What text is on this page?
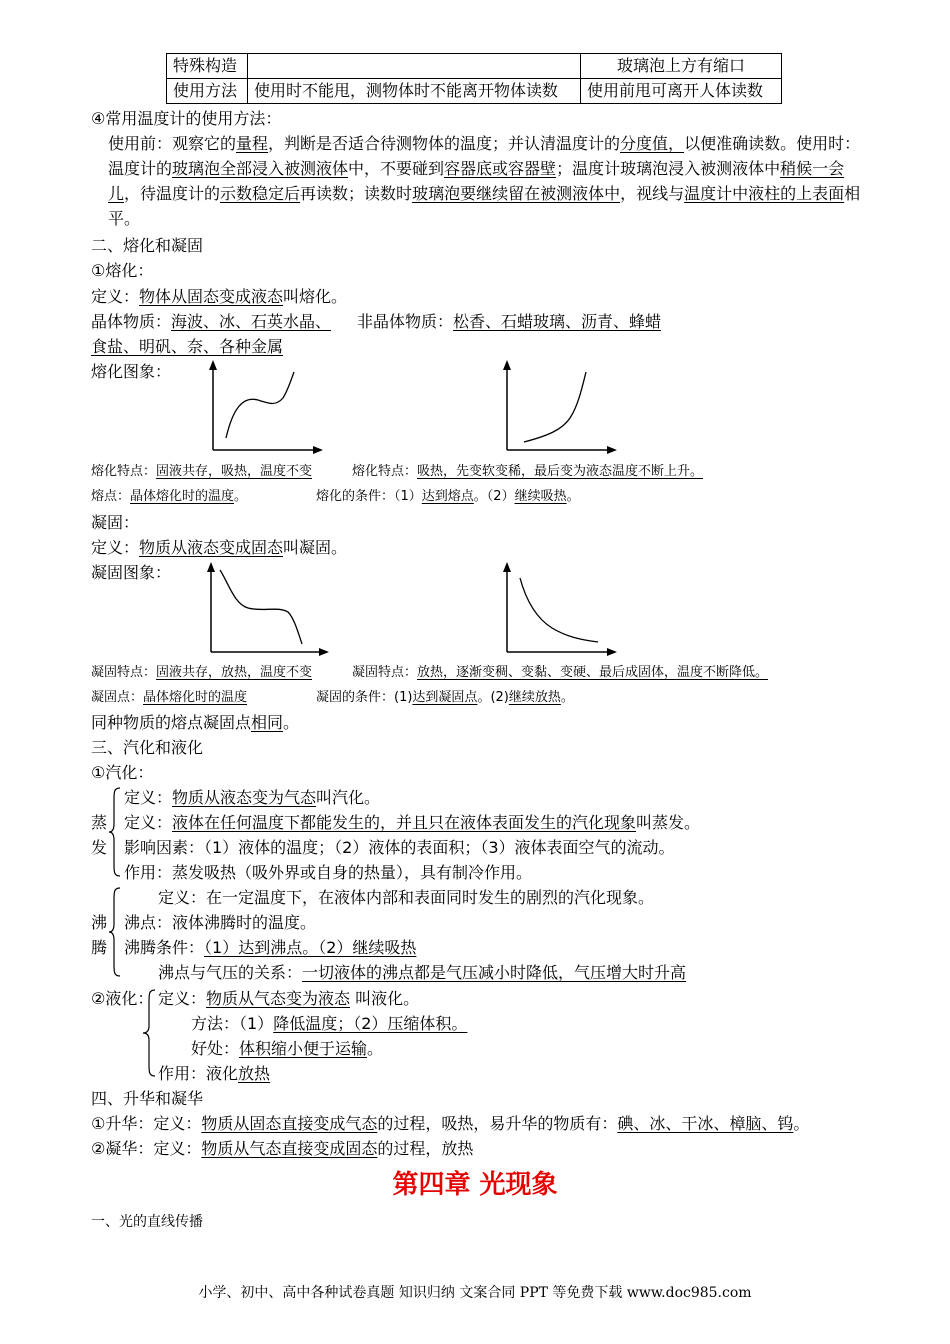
特殊构造		玻璃泡上方有缩口
使用方法	使用时不能甩，测物体时不能离开物体读数	使用前甩可离开人体读数
④常用温度计的使用方法：
使用前：观察它的量程，判断是否适合待测物体的温度；并认清温度计的分度值，以便准确读数。使用时：温度计的玻璃泡全部浸入被测液体中，不要碰到容器底或容器壁；温度计玻璃泡浸入被测液体中稍候一会儿，待温度计的示数稳定后再读数；读数时玻璃泡要继续留在被测液体中，视线与温度计中液柱的上表面相平。
二、熔化和凝固
①熔化：
定义：物体从固态变成液态叫熔化。
晶体物质：海波、冰、石英水晶、 非晶体物质：松香、石蜡玻璃、沥青、蜂蜡
食盐、明矾、奈、各种金属
熔化图象：
熔化特点：固液共存，吸热，温度不变	熔化特点：吸热，先变软变稀，最后变为液态温度不断上升。
熔点：晶体熔化时的温度。	熔化的条件：（1）达到熔点。（2）继续吸热。
凝固：
定义：物质从液态变成固态叫凝固。
凝固图象：
凝固特点：固液共存，放热，温度不变	凝固特点：放热，逐渐变稠、变黏、变硬、最后成固体，温度不断降低。
凝固点：晶体熔化时的温度	凝固的条件：(1)达到凝固点。(2)继续放热。
同种物质的熔点凝固点相同。
三、汽化和液化
①汽化：
蒸
发
定义：物质从液态变为气态叫汽化。
定义：液体在任何温度下都能发生的，并且只在液体表面发生的汽化现象叫蒸发。
影响因素：（1）液体的温度；（2）液体的表面积；（3）液体表面空气的流动。
作用：蒸发吸热（吸外界或自身的热量），具有制冷作用。
沸
腾
定义：在一定温度下，在液体内部和表面同时发生的剧烈的汽化现象。
沸点：液体沸腾时的温度。
沸腾条件：（1）达到沸点。（2）继续吸热
沸点与气压的关系：一切液体的沸点都是气压减小时降低，气压增大时升高
②液化： 定义：物质从气态变为液态 叫液化。
方法：（1）降低温度；（2）压缩体积。
好处：体积缩小便于运输。
作用：液化放热
四、升华和凝华
①升华：定义：物质从固态直接变成气态的过程，吸热，易升华的物质有：碘、冰、干冰、樟脑、钨。
②凝华：定义：物质从气态直接变成固态的过程，放热
第四章 光现象
一、光的直线传播
小学、初中、高中各种试卷真题 知识归纳 文案合同 PPT 等免费下载 www.doc985.com
